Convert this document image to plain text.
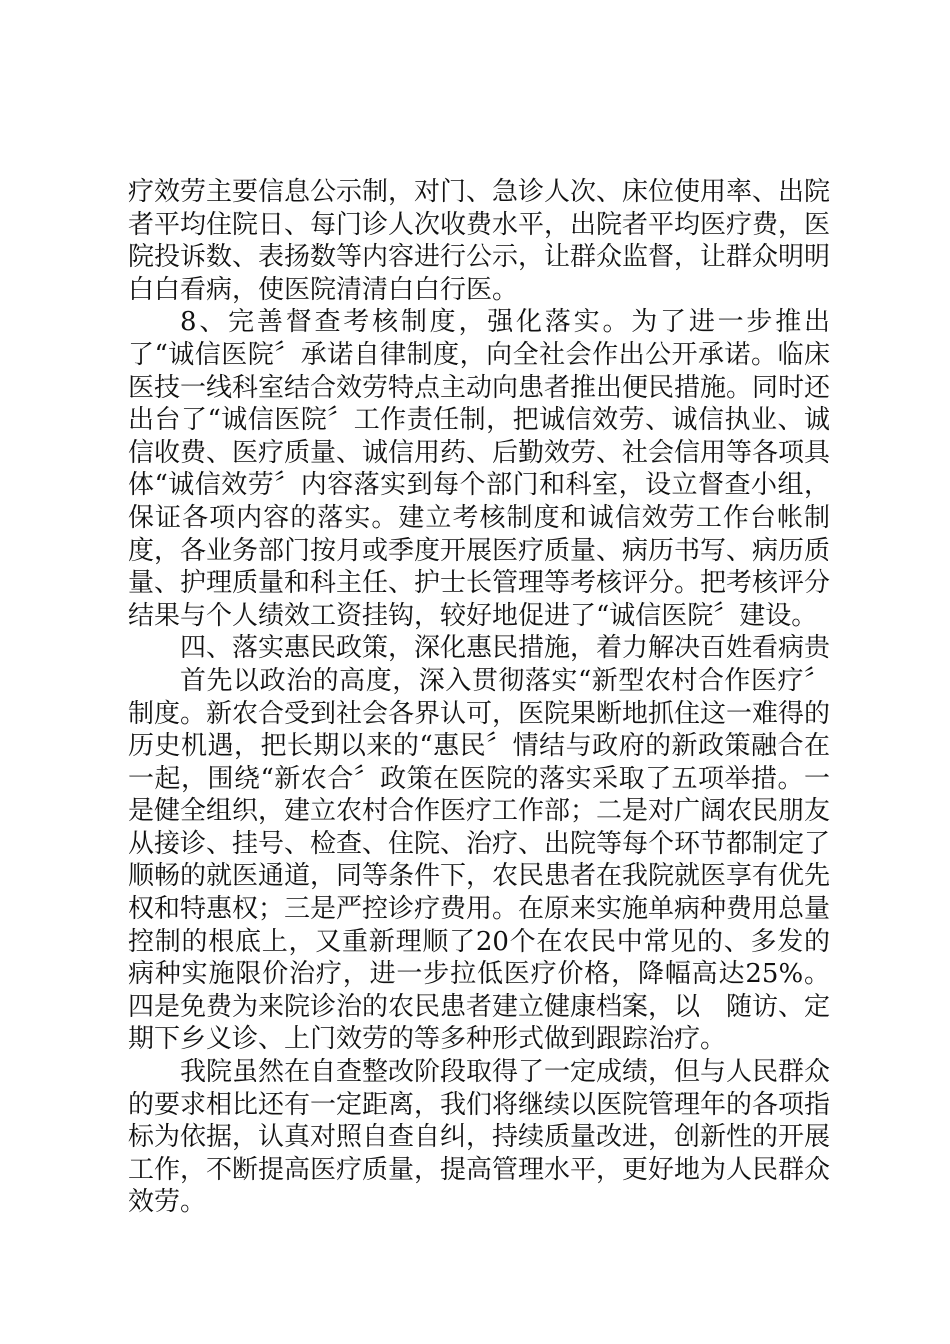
疗效劳主要信息公示制，对门、急诊人次、床位使用率、出院者平均住院日、每门诊人次收费水平，出院者平均医疗费，医院投诉数、表扬数等内容进行公示，让群众监督，让群众明明白白看病，使医院清清白白行医。

8、完善督查考核制度，强化落实。为了进一步推出了“诚信医院〞承诺自律制度，向全社会作出公开承诺。临床医技一线科室结合效劳特点主动向患者推出便民措施。同时还出台了“诚信医院〞工作责任制，把诚信效劳、诚信执业、诚信收费、医疗质量、诚信用药、后勤效劳、社会信用等各项具体“诚信效劳〞内容落实到每个部门和科室，设立督查小组，保证各项内容的落实。建立考核制度和诚信效劳工作台帐制度，各业务部门按月或季度开展医疗质量、病历书写、病历质量、护理质量和科主任、护士长管理等考核评分。把考核评分结果与个人绩效工资挂钩，较好地促进了“诚信医院〞建设。

四、落实惠民政策，深化惠民措施，着力解决百姓看病贵

首先以政治的高度，深入贯彻落实“新型农村合作医疗〞制度。新农合受到社会各界认可，医院果断地抓住这一难得的历史机遇，把长期以来的“惠民〞情结与政府的新政策融合在一起，围绕“新农合〞政策在医院的落实采取了五项举措。一是健全组织，建立农村合作医疗工作部；二是对广阔农民朋友从接诊、挂号、检查、住院、治疗、出院等每个环节都制定了顺畅的就医通道，同等条件下，农民患者在我院就医享有优先权和特惠权；三是严控诊疗费用。在原来实施单病种费用总量控制的根底上，又重新理顺了20个在农民中常见的、多发的病种实施限价治疗，进一步拉低医疗价格，降幅高达25%。四是免费为来院诊治的农民患者建立健康档案，以　随访、定期下乡义诊、上门效劳的等多种形式做到跟踪治疗。

我院虽然在自查整改阶段取得了一定成绩，但与人民群众的要求相比还有一定距离，我们将继续以医院管理年的各项指标为依据，认真对照自查自纠，持续质量改进，创新性的开展工作，不断提高医疗质量，提高管理水平，更好地为人民群众效劳。
